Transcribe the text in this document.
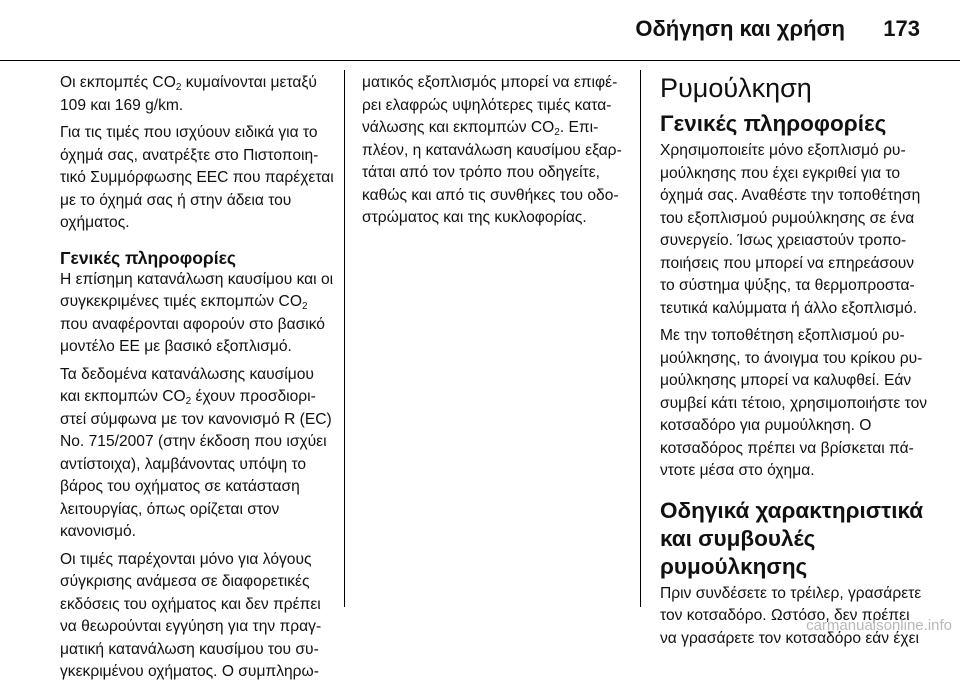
Οδήγηση και χρήση 173

Οι εκπομπές $CO_2$ κυμαίνονται μεταξύ 109 και 169 g/km.

Για τις τιμές που ισχύουν ειδικά για το όχημά σας, ανατρέξτε στο Πιστοποιητικό Συμμόρφωσης EEC που παρέχεται με το όχημά σας ή στην άδεια του οχήματος.

Γενικές πληροφορίες

Η επίσημη κατανάλωση καυσίμου και οι συγκεκριμένες τιμές εκπομπών $CO_2$ που αναφέρονται αφορούν στο βασικό μοντέλο ΕΕ με βασικό εξοπλισμό.

Τα δεδομένα κατανάλωσης καυσίμου και εκπομπών $CO_2$ έχουν προσδιοριστεί σύμφωνα με τον κανονισμό R (EC) No. 715/2007 (στην έκδοση που ισχύει αντίστοιχα), λαμβάνοντας υπόψη το βάρος του οχήματος σε κατάσταση λειτουργίας, όπως ορίζεται στον κανονισμό.

Οι τιμές παρέχονται μόνο για λόγους σύγκρισης ανάμεσα σε διαφορετικές εκδόσεις του οχήματος και δεν πρέπει να θεωρούνται εγγύηση για την πραγματική κατανάλωση καυσίμου του συγκεκριμένου οχήματος. Ο συμπληρω-

ματικός εξοπλισμός μπορεί να επιφέρει ελαφρώς υψηλότερες τιμές κατανάλωσης και εκπομπών $CO_2$. Επιπλέον, η κατανάλωση καυσίμου εξαρτάται από τον τρόπο που οδηγείτε, καθώς και από τις συνθήκες του οδοστρώματος και της κυκλοφορίας.

Ρυμούλκηση
Γενικές πληροφορίες

Χρησιμοποιείτε μόνο εξοπλισμό ρυμούλκησης που έχει εγκριθεί για το όχημά σας. Αναθέστε την τοποθέτηση του εξοπλισμού ρυμούλκησης σε ένα συνεργείο. Ίσως χρειαστούν τροποποιήσεις που μπορεί να επηρεάσουν το σύστημα ψύξης, τα θερμοπροστατευτικά καλύμματα ή άλλο εξοπλισμό.

Με την τοποθέτηση εξοπλισμού ρυμούλκησης, το άνοιγμα του κρίκου ρυμούλκησης μπορεί να καλυφθεί. Εάν συμβεί κάτι τέτοιο, χρησιμοποιήστε τον κοτσαδόρο για ρυμούλκηση. Ο κοτσαδόρος πρέπει να βρίσκεται πάντοτε μέσα στο όχημα.

Οδηγικά χαρακτηριστικά και συμβουλές ρυμούλκησης

Πριν συνδέσετε το τρέιλερ, γρασάρετε τον κοτσαδόρο. Ωστόσο, δεν πρέπει να γρασάρετε τον κοτσαδόρο εάν έχει

carmanualsonline.info
